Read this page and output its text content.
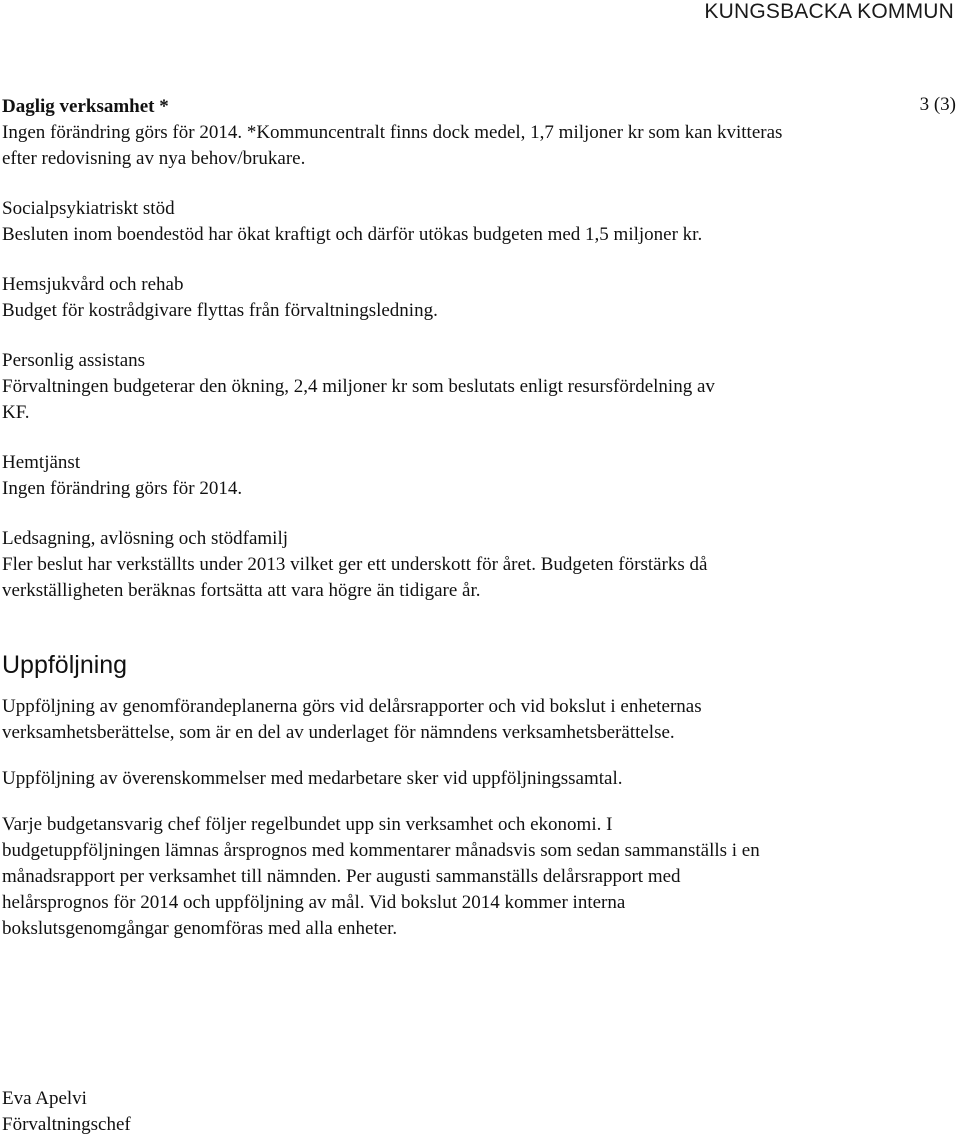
KUNGSBACKA KOMMUN
3 (3)

Daglig verksamhet *

Ingen förändring görs för 2014. *Kommuncentralt finns dock medel, 1,7 miljoner kr som kan kvitteras efter redovisning av nya behov/brukare.

Socialpsykiatriskt stöd

Besluten inom boendestöd har ökat kraftigt och därför utökas budgeten med 1,5 miljoner kr.

Hemsjukvård och rehab

Budget för kostrådgivare flyttas från förvaltningsledning.

Personlig assistans

Förvaltningen budgeterar den ökning, 2,4 miljoner kr som beslutats enligt resursfördelning av KF.

Hemtjänst

Ingen förändring görs för 2014.

Ledsagning, avlösning och stödfamilj

Fler beslut har verkställts under 2013 vilket ger ett underskott för året. Budgeten förstärks då verkställigheten beräknas fortsätta att vara högre än tidigare år.

Uppföljning

Uppföljning av genomförandeplanerna görs vid delårsrapporter och vid bokslut i enheternas verksamhetsberättelse, som är en del av underlaget för nämndens verksamhetsberättelse.

Uppföljning av överenskommelser med medarbetare sker vid uppföljningssamtal.

Varje budgetansvarig chef följer regelbundet upp sin verksamhet och ekonomi. I budgetuppföljningen lämnas årsprognos med kommentarer månadsvis som sedan sammanställs i en månadsrapport per verksamhet till nämnden. Per augusti sammanställs delårsrapport med helårsprognos för 2014 och uppföljning av mål. Vid bokslut 2014 kommer interna bokslutsgenomgångar genomföras med alla enheter.

Eva Apelvi
Förvaltningschef
